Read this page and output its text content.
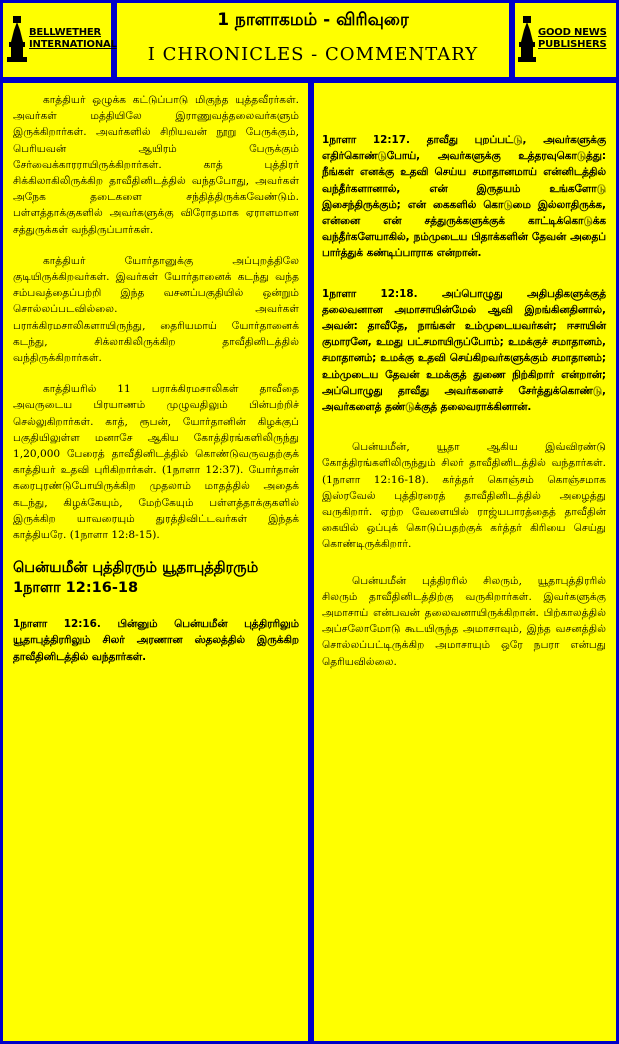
BELLWETHER
INTERNATIONAL
1 நாளாகமம் - விரிவுரை
I CHRONICLES - COMMENTARY
GOOD NEWS
PUBLISHERS

காத்தியர் ஒழுக்க கட்டுப்பாடு மிகுந்த யுத்தவீரர்கள். அவர்கள் மத்தியிலே இராணுவத்தலைவர்களும் இருக்கிறார்கள். அவர்களில் சிறியவன் நூறு பேருக்கும், பெரியவன் ஆயிரம் பேருக்கும் சேர்வைக்காரராயிருக்கிறார்கள். காத் புத்திரர் சிக்கிலாகிலிருக்கிற தாவீதினிடத்தில் வந்தபோது, அவர்கள் அநேக தடைகளை சந்தித்திருக்கவேண்டும். பள்ளத்தாக்குகளில் அவர்களுக்கு விரோதமாக ஏராளமான சத்துருக்கள் வந்திருப்பார்கள்.

காத்தியர் யோர்தானுக்கு அப்புறத்திலே குடியிருக்கிறவர்கள். இவர்கள் யோர்தானைக் கடந்து வந்த சம்பவத்தைப்பற்றி இந்த வசனப்பகுதியில் ஒன்றும் சொல்லப்படவில்லை. அவர்கள் பராக்கிரமசாலிகளாயிருந்து, தைரியமாய் யோர்தானைக் கடந்து, சிக்லாகிலிருக்கிற தாவீதினிடத்தில் வந்திருக்கிறார்கள்.

காத்தியரில் 11 பராக்கிரமசாலிகள் தாவீதை அவருடைய பிரயாணம் முழுவதிலும் பின்பற்றிச் செல்லுகிறார்கள். காத், ரூபன், யோர்தானின் கிழக்குப் பகுதியிலுள்ள மனாசே ஆகிய கோத்திரங்களிலிருந்து 1,20,000 பேரைத் தாவீதினிடத்தில் கொண்டுவருவதற்குக் காத்தியர் உதவி புரிகிறார்கள். (1நாளா 12:37). யோர்தான் கரைபுரண்டுபோயிருக்கிற முதலாம் மாதத்தில் அதைக் கடந்து, கிழக்கேயும், மேற்கேயும் பள்ளத்தாக்குகளில் இருக்கிற யாவரையும் துரத்திவிட்டவர்கள் இந்தக் காத்தியரே. (1நாளா 12:8-15).

பென்யமீன் புத்திரரும் யூதாபுத்திரரும்
1நாளா 12:16-18

1நாளா 12:16. பின்னும் பென்யமீன் புத்திரரிலும் யூதாபுத்திரரிலும் சிலர் அரணான ஸ்தலத்தில் இருக்கிற தாவீதினிடத்தில் வந்தார்கள்.

1நாளா 12:17. தாவீது புறப்பட்டு, அவர்களுக்கு எதிர்கொண்டுபோய், அவர்களுக்கு உத்தரவுகொடுத்து: நீங்கள் எனக்கு உதவி செய்ய சமாதானமாய் என்னிடத்தில் வந்தீர்களானால், என் இருதயம் உங்களோடு இசைந்திருக்கும்; என் கைகளில் கொடுமை இல்லாதிருக்க, என்னை என் சத்துருக்களுக்குக் காட்டிக்கொடுக்க வந்தீர்களேயாகில், நம்முடைய பிதாக்களின் தேவன் அதைப் பார்த்துக் கண்டிப்பாராக என்றான்.

1நாளா 12:18. அப்பொழுது அதிபதிகளுக்குத் தலைவனான அமாசாயின்மேல் ஆவி இறங்கினதினால், அவன்: தாவீதே, நாங்கள் உம்முடையவர்கள்; ஈசாயின் குமாரனே, உமது பட்சமாயிருப்போம்; உமக்குச் சமாதானம், சமாதானம்; உமக்கு உதவி செய்கிறவர்களுக்கும் சமாதானம்; உம்முடைய தேவன் உமக்குத் துணை நிற்கிறார் என்றான்; அப்பொழுது தாவீது அவர்களைச் சேர்த்துக்கொண்டு, அவர்களைத் தண்டுக்குத் தலைவராக்கினான்.

பென்யமீன், யூதா ஆகிய இவ்விரண்டு கோத்திரங்களிலிருந்தும் சிலர் தாவீதினிடத்தில் வந்தார்கள். (1நாளா 12:16-18). கர்த்தர் கொஞ்சம் கொஞ்சமாக இஸ்ரவேல் புத்திரரைத் தாவீதினிடத்தில் அழைத்து வருகிறார். ஏற்ற வேளையில் ராஜ்யபாரத்தைத் தாவீதின் கையில் ஒப்புக் கொடுப்பதற்குக் கர்த்தர் கிரியை செய்து கொண்டிருக்கிறார்.

பென்யமீன் புத்திரரில் சிலரும், யூதாபுத்திரரில் சிலரும் தாவீதினிடத்திற்கு வருகிறார்கள். இவர்களுக்கு அமாசாய் என்பவன் தலைவனாயிருக்கிறான். பிற்காலத்தில் அப்சலோமோடு கூடயிருந்த அமாசாவும், இந்த வசனத்தில் சொல்லப்பட்டிருக்கிற அமாசாயும் ஒரே நபரா என்பது தெரியவில்லை.
